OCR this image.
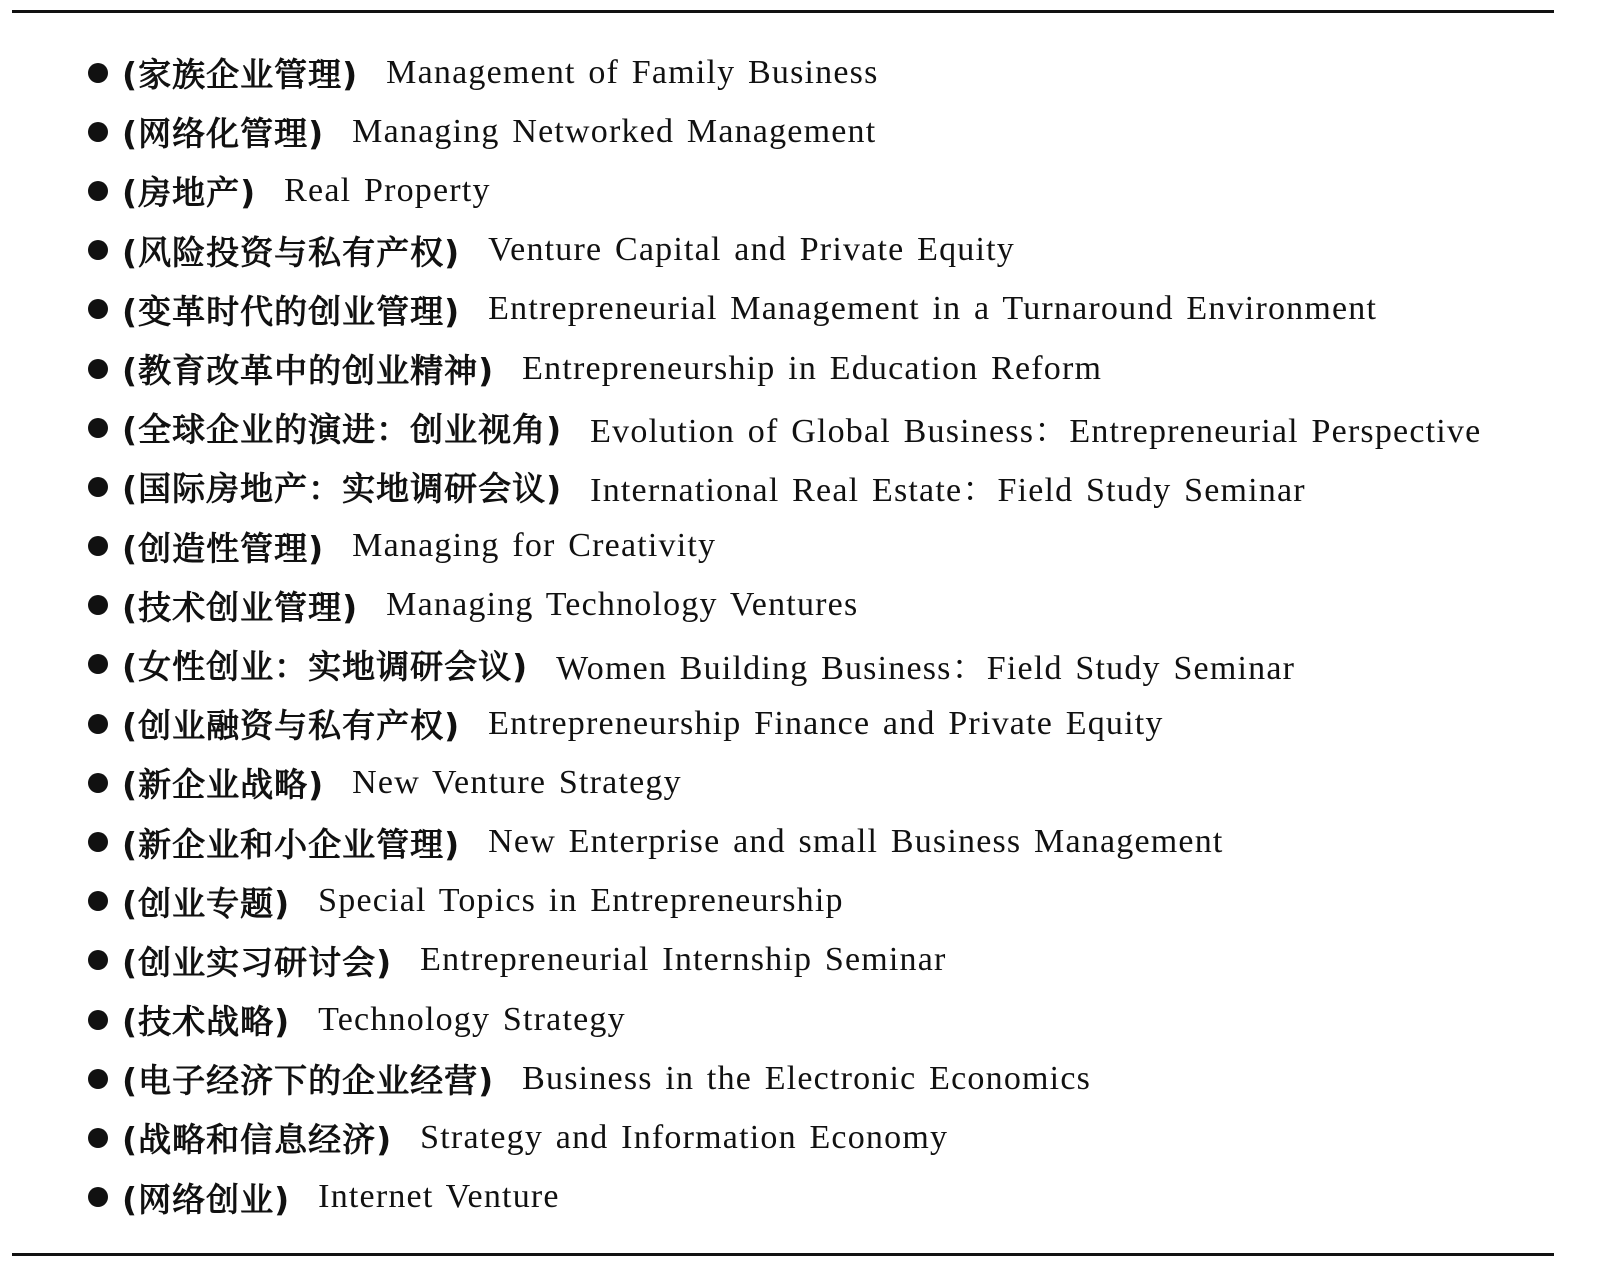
(家族企业管理) Management of Family Business
(网络化管理) Managing Networked Management
(房地产) Real Property
(风险投资与私有产权) Venture Capital and Private Equity
(变革时代的创业管理) Entrepreneurial Management in a Turnaround Environment
(教育改革中的创业精神) Entrepreneurship in Education Reform
(全球企业的演进：创业视角) Evolution of Global Business：Entrepreneurial Perspective
(国际房地产：实地调研会议) International Real Estate：Field Study Seminar
(创造性管理) Managing for Creativity
(技术创业管理) Managing Technology Ventures
(女性创业：实地调研会议) Women Building Business：Field Study Seminar
(创业融资与私有产权) Entrepreneurship Finance and Private Equity
(新企业战略) New Venture Strategy
(新企业和小企业管理) New Enterprise and small Business Management
(创业专题) Special Topics in Entrepreneurship
(创业实习研讨会) Entrepreneurial Internship Seminar
(技术战略) Technology Strategy
(电子经济下的企业经营) Business in the Electronic Economics
(战略和信息经济) Strategy and Information Economy
(网络创业) Internet Venture
